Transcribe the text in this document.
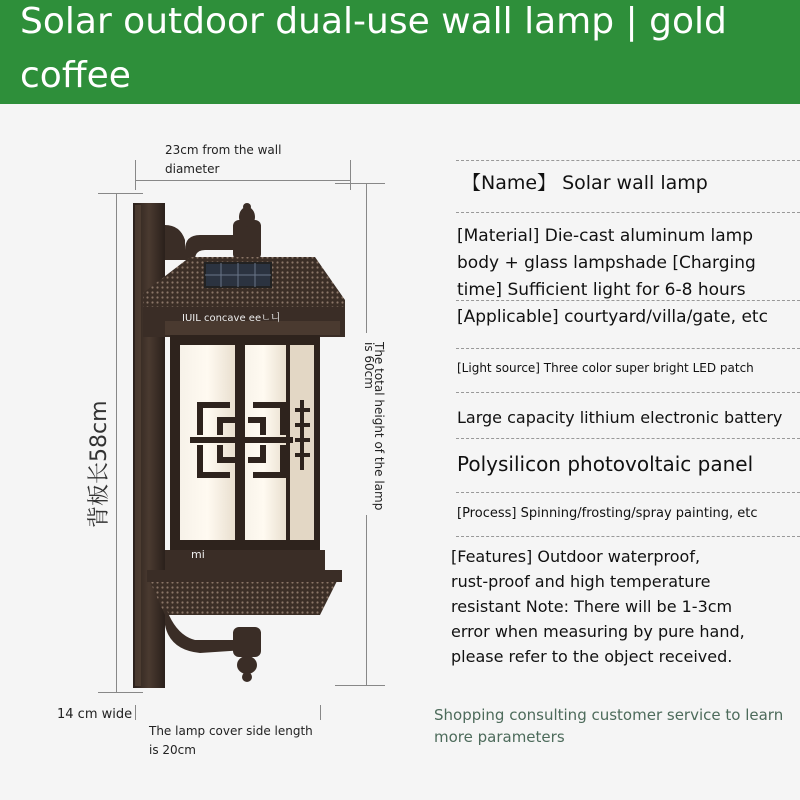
Solar outdoor dual-use wall lamp | gold
coffee
23cm from the wall
diameter
The total height of the lamp
is 60cm
背板长58cm
14 cm wide
The lamp cover side length
is 20cm
IUIL concave eeㄴ니
mi
【Name】 Solar wall lamp
[Material] Die-cast aluminum lamp
body + glass lampshade [Charging
time] Sufficient light for 6-8 hours
[Applicable] courtyard/villa/gate, etc
[Light source] Three color super bright LED patch
Large capacity lithium electronic battery
Polysilicon photovoltaic panel
[Process] Spinning/frosting/spray painting, etc
[Features] Outdoor waterproof,
rust-proof and high temperature
resistant Note: There will be 1-3cm
error when measuring by pure hand,
please refer to the object received.
Shopping consulting customer service to learn more parameters
